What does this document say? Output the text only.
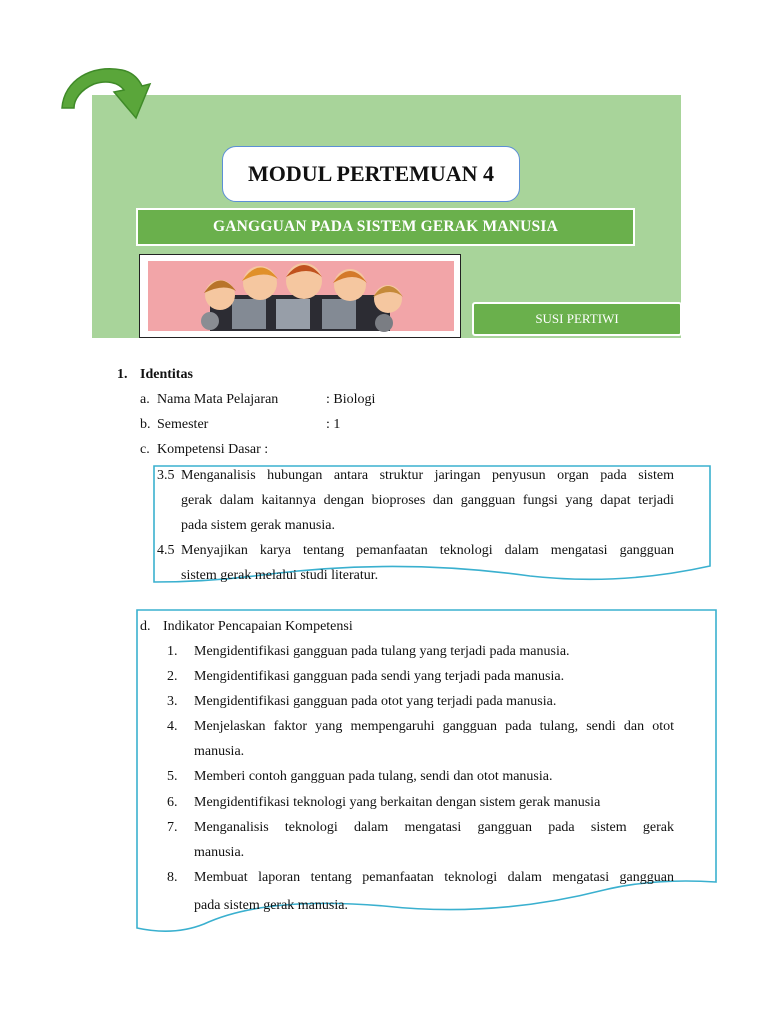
MODUL PERTEMUAN 4
GANGGUAN PADA SISTEM GERAK MANUSIA
SUSI PERTIWI
1. Identitas
a. Nama Mata Pelajaran	: Biologi
b. Semester	: 1
c. Kompetensi Dasar :
3.5 Menganalisis hubungan antara struktur jaringan penyusun organ pada sistem
gerak dalam kaitannya dengan bioproses dan gangguan fungsi yang dapat terjadi
pada sistem gerak manusia.
4.5 Menyajikan karya tentang pemanfaatan teknologi dalam mengatasi gangguan
sistem gerak melalui studi literatur.
d. Indikator Pencapaian Kompetensi
1. Mengidentifikasi gangguan pada tulang yang terjadi pada manusia.
2. Mengidentifikasi gangguan pada sendi yang terjadi pada manusia.
3. Mengidentifikasi gangguan pada otot yang terjadi pada manusia.
4. Menjelaskan faktor yang mempengaruhi gangguan pada tulang, sendi dan otot
manusia.
5. Memberi contoh gangguan pada tulang, sendi dan otot manusia.
6. Mengidentifikasi teknologi yang berkaitan dengan sistem gerak manusia
7. Menganalisis teknologi dalam mengatasi gangguan pada sistem gerak
manusia.
8. Membuat laporan tentang pemanfaatan teknologi dalam mengatasi gangguan
pada sistem gerak manusia.
